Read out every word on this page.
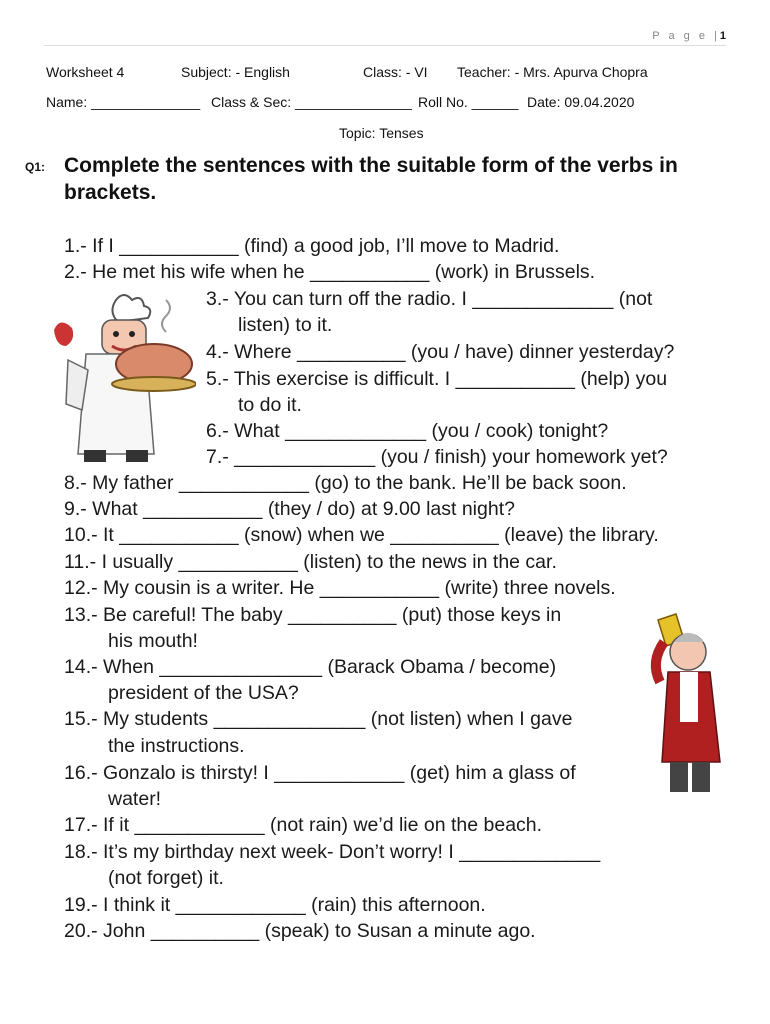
P a g e |1
Worksheet 4	Subject: - English	Class: - VI Teacher: - Mrs. Apurva Chopra
Name: ______________ Class & Sec: _______________ Roll No. ______ Date: 09.04.2020
Topic: Tenses
Q1: Complete the sentences with the suitable form of the verbs in
brackets.
1.- If I ___________ (find) a good job, I’ll move to Madrid.
2.- He met his wife when he ___________ (work) in Brussels.
3.- You can turn off the radio. I _____________ (not
listen) to it.
4.- Where __________ (you / have) dinner yesterday?
5.- This exercise is difficult. I ___________ (help) you
to do it.
6.- What _____________ (you / cook) tonight?
7.- _____________ (you / finish) your homework yet?
8.- My father ____________ (go) to the bank. He’ll be back soon.
9.- What ___________ (they / do) at 9.00 last night?
10.- It ___________ (snow) when we __________ (leave) the library.
11.- I usually ___________ (listen) to the news in the car.
12.- My cousin is a writer. He ___________ (write) three novels.
13.- Be careful! The baby __________ (put) those keys in
his mouth!
14.- When _______________ (Barack Obama / become)
president of the USA?
15.- My students ______________ (not listen) when I gave
the instructions.
16.- Gonzalo is thirsty! I ____________ (get) him a glass of
water!
17.- If it ____________ (not rain) we’d lie on the beach.
18.- It’s my birthday next week- Don’t worry! I _____________
(not forget) it.
19.- I think it ____________ (rain) this afternoon.
20.- John __________ (speak) to Susan a minute ago.
